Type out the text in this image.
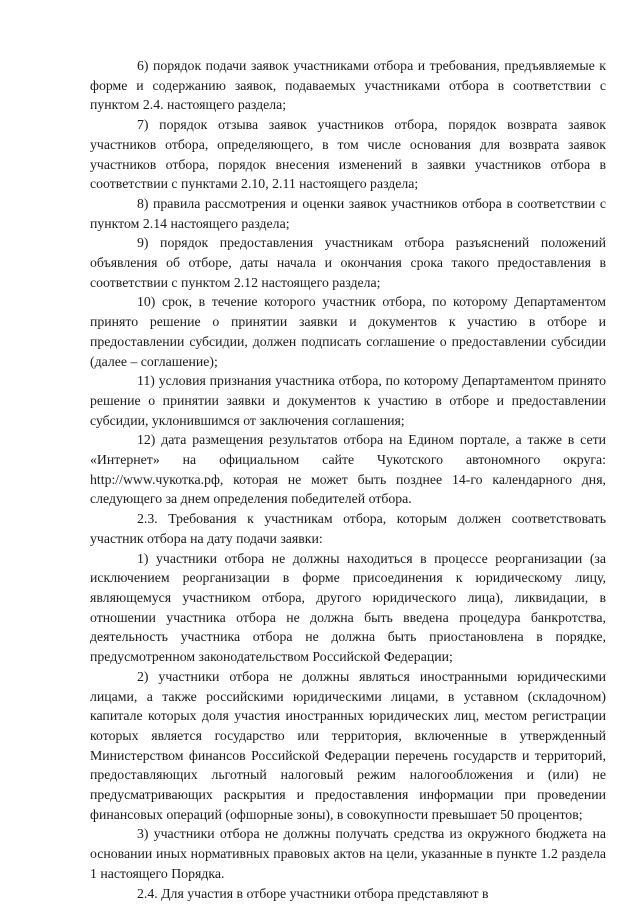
6) порядок подачи заявок участниками отбора и требования, предъявляемые к форме и содержанию заявок, подаваемых участниками отбора в соответствии с пунктом 2.4. настоящего раздела;

7) порядок отзыва заявок участников отбора, порядок возврата заявок участников отбора, определяющего, в том числе основания для возврата заявок участников отбора, порядок внесения изменений в заявки участников отбора в соответствии с пунктами 2.10, 2.11 настоящего раздела;

8) правила рассмотрения и оценки заявок участников отбора в соответствии с пунктом 2.14 настоящего раздела;

9) порядок предоставления участникам отбора разъяснений положений объявления об отборе, даты начала и окончания срока такого предоставления в соответствии с пунктом 2.12 настоящего раздела;

10) срок, в течение которого участник отбора, по которому Департаментом принято решение о принятии заявки и документов к участию в отборе и предоставлении субсидии, должен подписать соглашение о предоставлении субсидии (далее – соглашение);

11) условия признания участника отбора, по которому Департаментом принято решение о принятии заявки и документов к участию в отборе и предоставлении субсидии, уклонившимся от заключения соглашения;

12) дата размещения результатов отбора на Едином портале, а также в сети «Интернет» на официальном сайте Чукотского автономного округа: http://www.чукотка.рф, которая не может быть позднее 14-го календарного дня, следующего за днем определения победителей отбора.

2.3. Требования к участникам отбора, которым должен соответствовать участник отбора на дату подачи заявки:

1) участники отбора не должны находиться в процессе реорганизации (за исключением реорганизации в форме присоединения к юридическому лицу, являющемуся участником отбора, другого юридического лица), ликвидации, в отношении участника отбора не должна быть введена процедура банкротства, деятельность участника отбора не должна быть приостановлена в порядке, предусмотренном законодательством Российской Федерации;

2) участники отбора не должны являться иностранными юридическими лицами, а также российскими юридическими лицами, в уставном (складочном) капитале которых доля участия иностранных юридических лиц, местом регистрации которых является государство или территория, включенные в утвержденный Министерством финансов Российской Федерации перечень государств и территорий, предоставляющих льготный налоговый режим налогообложения и (или) не предусматривающих раскрытия и предоставления информации при проведении финансовых операций (офшорные зоны), в совокупности превышает 50 процентов;

3) участники отбора не должны получать средства из окружного бюджета на основании иных нормативных правовых актов на цели, указанные в пункте 1.2 раздела 1 настоящего Порядка.

2.4. Для участия в отборе участники отбора представляют в
